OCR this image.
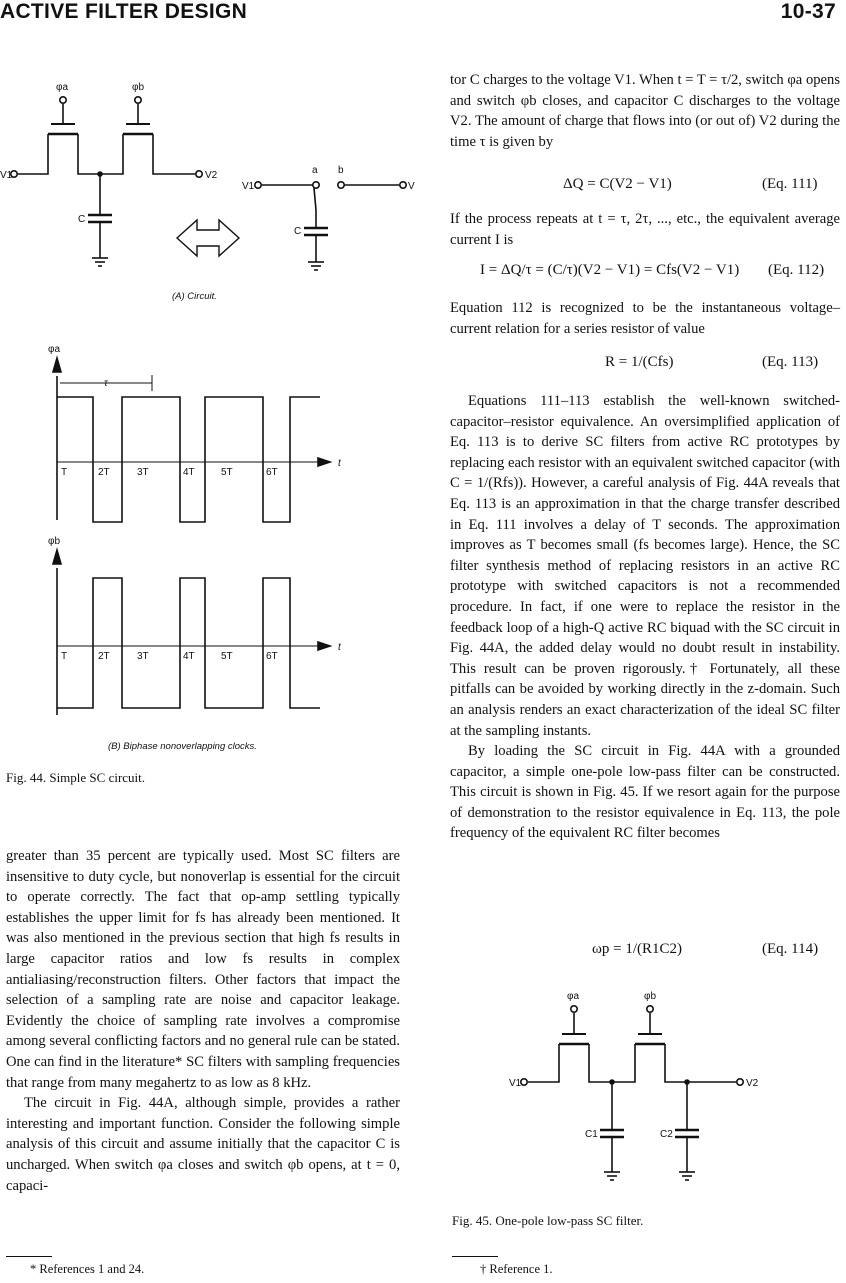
ACTIVE FILTER DESIGN	10-37
φa	φb
V1	V2
C
V1
a b
V
C
φa
τ
t
T	2T	3T	4T	5T	6T
φb
t
T	2T	3T	4T	5T	6T
φa	φb
V1	V2
C1	C2
(A) Circuit.
(B) Biphase nonoverlapping clocks.
Fig. 44. Simple SC circuit.

greater than 35 percent are typically used. Most SC filters are insensitive to duty cycle, but nonoverlap is essential for the circuit to operate correctly. The fact that op-amp settling typically establishes the upper limit for fs has already been mentioned. It was also mentioned in the previous section that high fs results in large capacitor ratios and low fs results in complex antialiasing/reconstruction filters. Other factors that impact the selection of a sampling rate are noise and capacitor leakage. Evidently the choice of sampling rate involves a compromise among several conflicting factors and no general rule can be stated. One can find in the literature* SC filters with sampling frequencies that range from many megahertz to as low as 8 kHz.

The circuit in Fig. 44A, although simple, provides a rather interesting and important function. Consider the following simple analysis of this circuit and assume initially that the capacitor C is uncharged. When switch φa closes and switch φb opens, at t = 0, capaci-

* References 1 and 24.

tor C charges to the voltage V1. When t = T = τ/2, switch φa opens and switch φb closes, and capacitor C discharges to the voltage V2. The amount of charge that flows into (or out of) V2 during the time τ is given by

ΔQ = C(V2 − V1)	(Eq. 111)

If the process repeats at t = τ, 2τ, ..., etc., the equivalent average current I is

I = ΔQ/τ = (C/τ)(V2 − V1) = Cfs(V2 − V1) (Eq. 112)

Equation 112 is recognized to be the instantaneous voltage–current relation for a series resistor of value

R = 1/(Cfs)	(Eq. 113)

Equations 111–113 establish the well-known switched-capacitor–resistor equivalence. An oversimplified application of Eq. 113 is to derive SC filters from active RC prototypes by replacing each resistor with an equivalent switched capacitor (with C = 1/(Rfs)). However, a careful analysis of Fig. 44A reveals that Eq. 113 is an approximation in that the charge transfer described in Eq. 111 involves a delay of T seconds. The approximation improves as T becomes small (fs becomes large). Hence, the SC filter synthesis method of replacing resistors in an active RC prototype with switched capacitors is not a recommended procedure. In fact, if one were to replace the resistor in the feedback loop of a high-Q active RC biquad with the SC circuit in Fig. 44A, the added delay would no doubt result in instability. This result can be proven rigorously.† Fortunately, all these pitfalls can be avoided by working directly in the z-domain. Such an analysis renders an exact characterization of the ideal SC filter at the sampling instants.

By loading the SC circuit in Fig. 44A with a grounded capacitor, a simple one-pole low-pass filter can be constructed. This circuit is shown in Fig. 45. If we resort again for the purpose of demonstration to the resistor equivalence in Eq. 113, the pole frequency of the equivalent RC filter becomes

ωp = 1/(R1C2)	(Eq. 114)
Fig. 45. One-pole low-pass SC filter.
† Reference 1.
